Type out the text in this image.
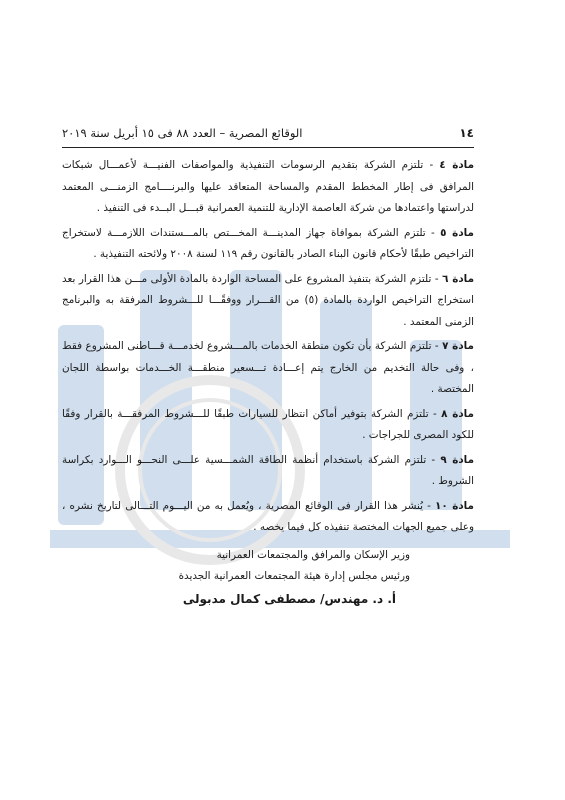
١٤
الوقائع المصرية – العدد ٨٨ فى ١٥ أبريل سنة ٢٠١٩

مادة ٤ - تلتزم الشركة بتقديم الرسومات التنفيذية والمواصفات الفنيـــة لأعمـــال شبكات المرافق فى إطار المخطط المقدم والمساحة المتعاقد عليها والبرنــــامج الزمنـــى المعتمد لدراستها واعتمادها من شركة العاصمة الإدارية للتنمية العمرانية قبـــل البــدء فى التنفيذ .

مادة ٥ - تلتزم الشركة بموافاة جهاز المدينـــة المخـــتص بالمـــستندات اللازمـــة لاستخراج التراخيص طبقًا لأحكام قانون البناء الصادر بالقانون رقم ١١٩ لسنة ٢٠٠٨ ولائحته التنفيذية .

مادة ٦ - تلتزم الشركة بتنفيذ المشروع على المساحة الواردة بالمادة الأولى مـــن هذا القرار بعد استخراج التراخيص الواردة بالمادة (٥) من القـــرار ووفقًـــا للـــشروط المرفقة به والبرنامج الزمنى المعتمد .

مادة ٧ - تلتزم الشركة بأن تكون منطقة الخدمات بالمـــشروع لخدمـــة قـــاطنى المشروع فقط ، وفى حالة التخديم من الخارج يتم إعـــادة تـــسعير منطقـــة الخـــدمات بواسطة اللجان المختصة .

مادة ٨ - تلتزم الشركة بتوفير أماكن انتظار للسيارات طبقًا للـــشروط المرفقـــة بالقرار وفقًا للكود المصرى للجراجات .

مادة ٩ - تلتزم الشركة باستخدام أنظمة الطاقة الشمـــسية علـــى النحـــو الـــوارد بكراسة الشروط .

مادة ١٠ - يُنشر هذا القرار فى الوقائع المصرية ، ويُعمل به من اليـــوم التـــالى لتاريخ نشره ، وعلى جميع الجهات المختصة تنفيذه كل فيما يخصه .

وزير الإسكان والمرافق والمجتمعات العمرانية
ورئيس مجلس إدارة هيئة المجتمعات العمرانية الجديدة
أ. د. مهندس/ مصطفى كمال مدبولى
